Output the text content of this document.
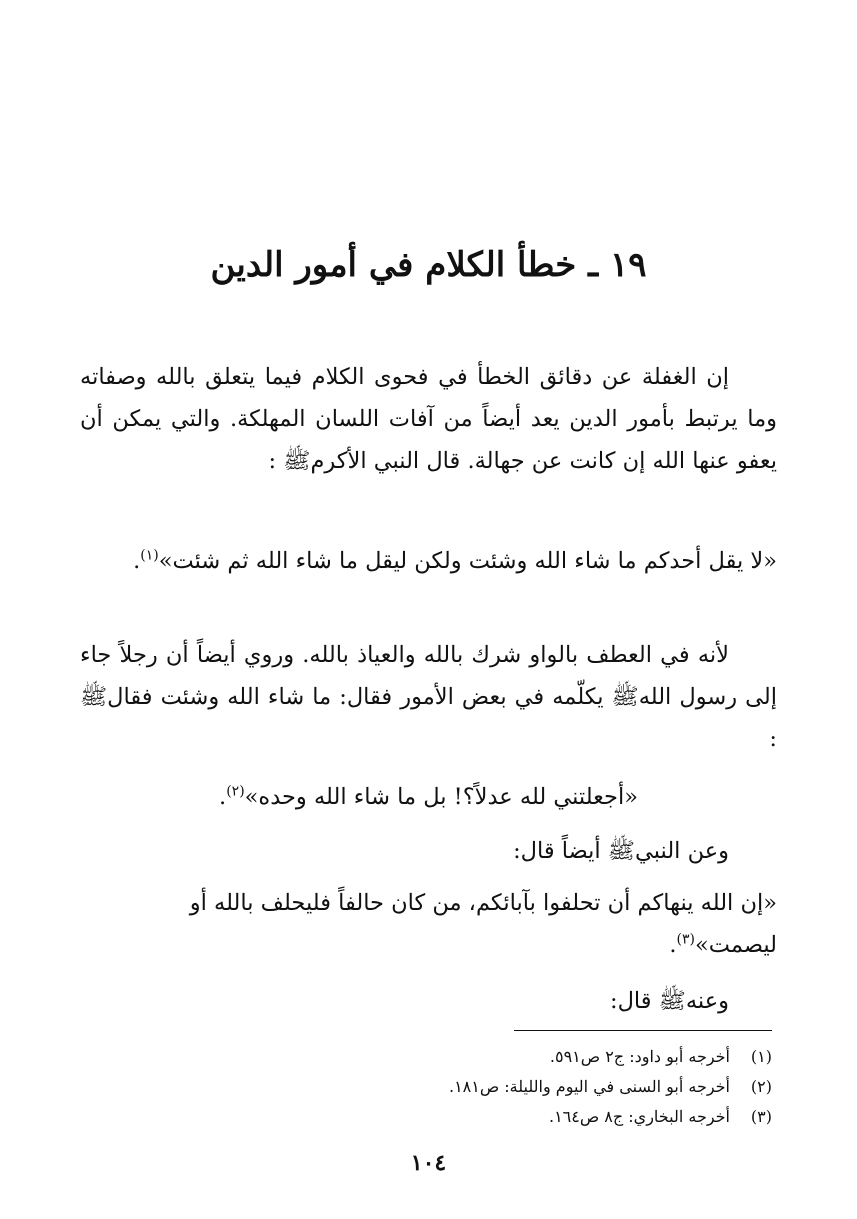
١٩ ـ خطأ الكلام في أمور الدين

إن الغفلة عن دقائق الخطأ في فحوى الكلام فيما يتعلق بالله وصفاته وما يرتبط بأمور الدين يعد أيضاً من آفات اللسان المهلكة. والتي يمكن أن يعفو عنها الله إن كانت عن جهالة. قال النبي الأكرمﷺ :

«لا يقل أحدكم ما شاء الله وشئت ولكن ليقل ما شاء الله ثم شئت»$^{(١)}$.

لأنه في العطف بالواو شرك بالله والعياذ بالله. وروي أيضاً أن رجلاً جاء إلى رسول اللهﷺ يكلّمه في بعض الأمور فقال: ما شاء الله وشئت فقالﷺ :

«أجعلتني لله عدلاً؟! بل ما شاء الله وحده»$^{(٢)}$.

وعن النبيﷺ أيضاً قال:

«إن الله ينهاكم أن تحلفوا بآبائكم، من كان حالفاً فليحلف بالله أو ليصمت»$^{(٣)}$.

وعنهﷺ قال:

(١)
أخرجه أبو داود: ج٢ ص٥٩١.
(٢)
أخرجه أبو السنى في اليوم والليلة: ص١٨١.
(٣)
أخرجه البخاري: ج٨ ص١٦٤.
١٠٤
